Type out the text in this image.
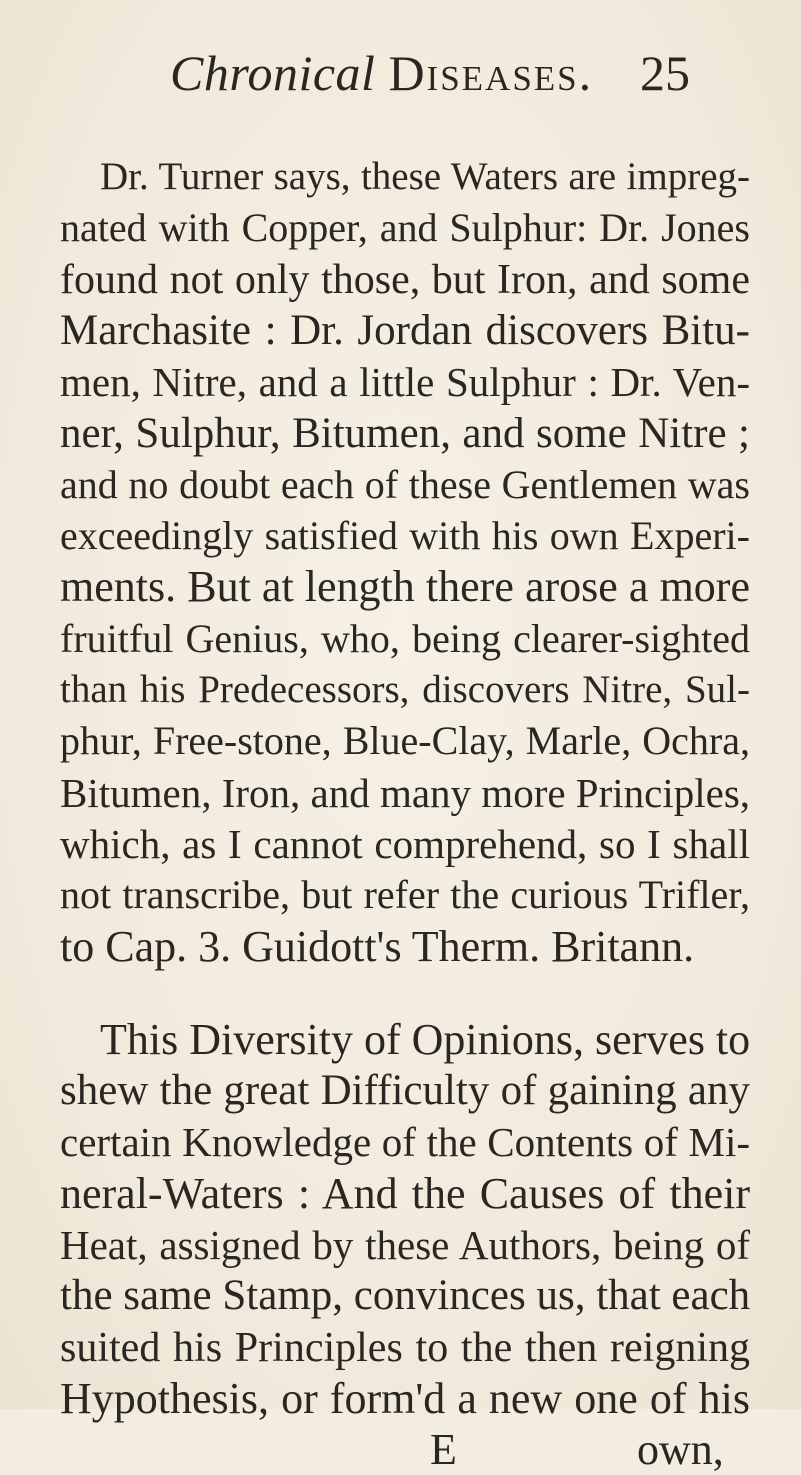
Chronical Diseases. 25
Dr. Turner says, these Waters are impreg-
nated with Copper, and Sulphur: Dr. Jones
found not only those, but Iron, and some
Marchasite : Dr. Jordan discovers Bitu-
men, Nitre, and a little Sulphur : Dr. Ven-
ner, Sulphur, Bitumen, and some Nitre ;
and no doubt each of these Gentlemen was
exceedingly satisfied with his own Experi-
ments. But at length there arose a more
fruitful Genius, who, being clearer-sighted
than his Predecessors, discovers Nitre, Sul-
phur, Free-stone, Blue-Clay, Marle, Ochra,
Bitumen, Iron, and many more Principles,
which, as I cannot comprehend, so I shall
not transcribe, but refer the curious Trifler,
to Cap. 3. Guidott's Therm. Britann.
This Diversity of Opinions, serves to
shew the great Difficulty of gaining any
certain Knowledge of the Contents of Mi-
neral-Waters : And the Causes of their
Heat, assigned by these Authors, being of
the same Stamp, convinces us, that each
suited his Principles to the then reigning
Hypothesis, or form'd a new one of his
E	own,
